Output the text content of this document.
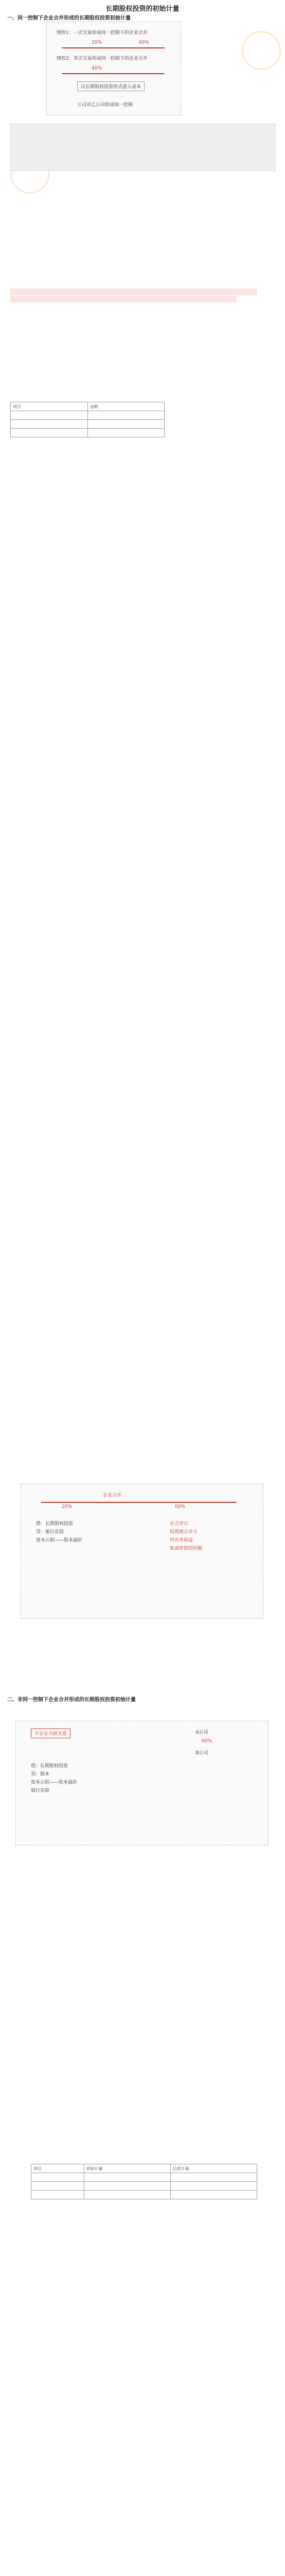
长期股权投资的初始计量
一、同一控制下企业合并形成的长期股权投资初始计量
情形1：一次交易形成同一控制下的企业合并
20%	60%
情形2：多次交易形成同一控制下的企业合并
40%
以长期股权投资形式进入成本
公司对乙公司形成同一控制
项目	金额

企业合并
20%	60%
借：长期股权投资
贷：银行存款
资本公积——股本溢价
在合并日
按照被合并方
所有者权益
账面价值的份额
二、非同一控制下企业合并形成的长期股权投资初始计量
不存在关联关系	A公司
60%
B公司
借：长期股权投资
贷：股本
资本公积——股本溢价
银行存款
项目	初始计量	后续计量
